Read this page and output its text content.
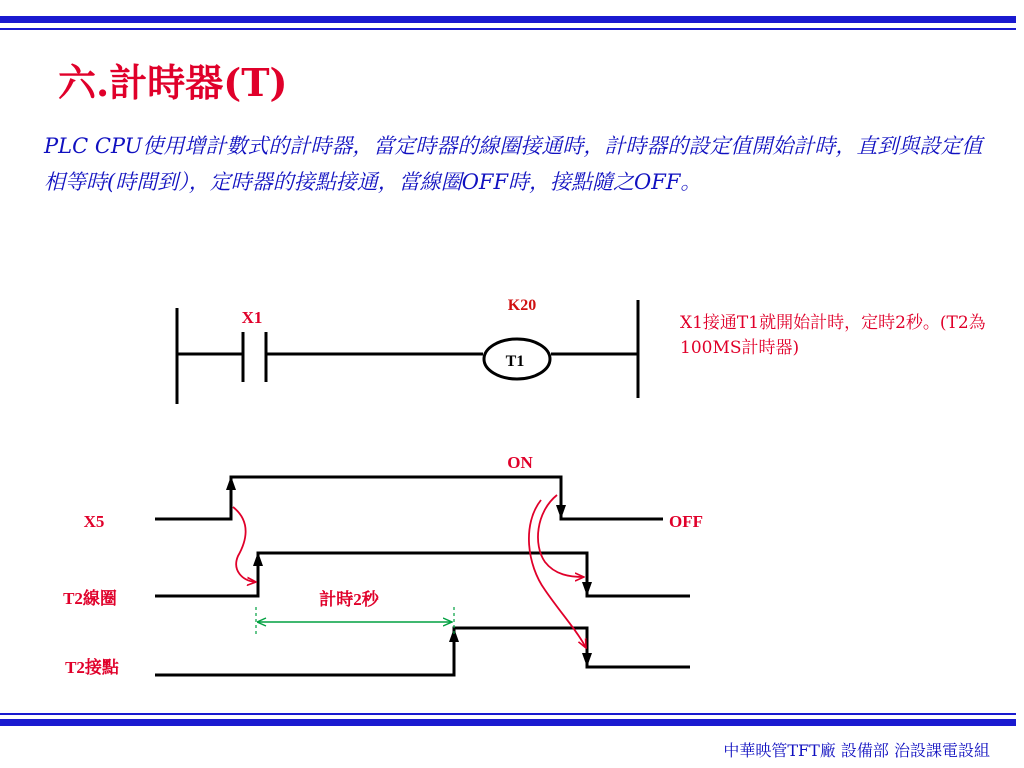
六.計時器(T)

PLC CPU使用增計數式的計時器，當定時器的線圈接通時，計時器的設定值開始計時，直到與設定值相等時(時間到），定時器的接點接通，當線圈OFF時，接點隨之OFF。

X1接通T1就開始計時，定時2秒。(T2為100MS計時器)

X1
K20
T1
ON
OFF
X5
T2線圈
T2接點
計時2秒

中華映管TFT廠 設備部 治設課電設組
